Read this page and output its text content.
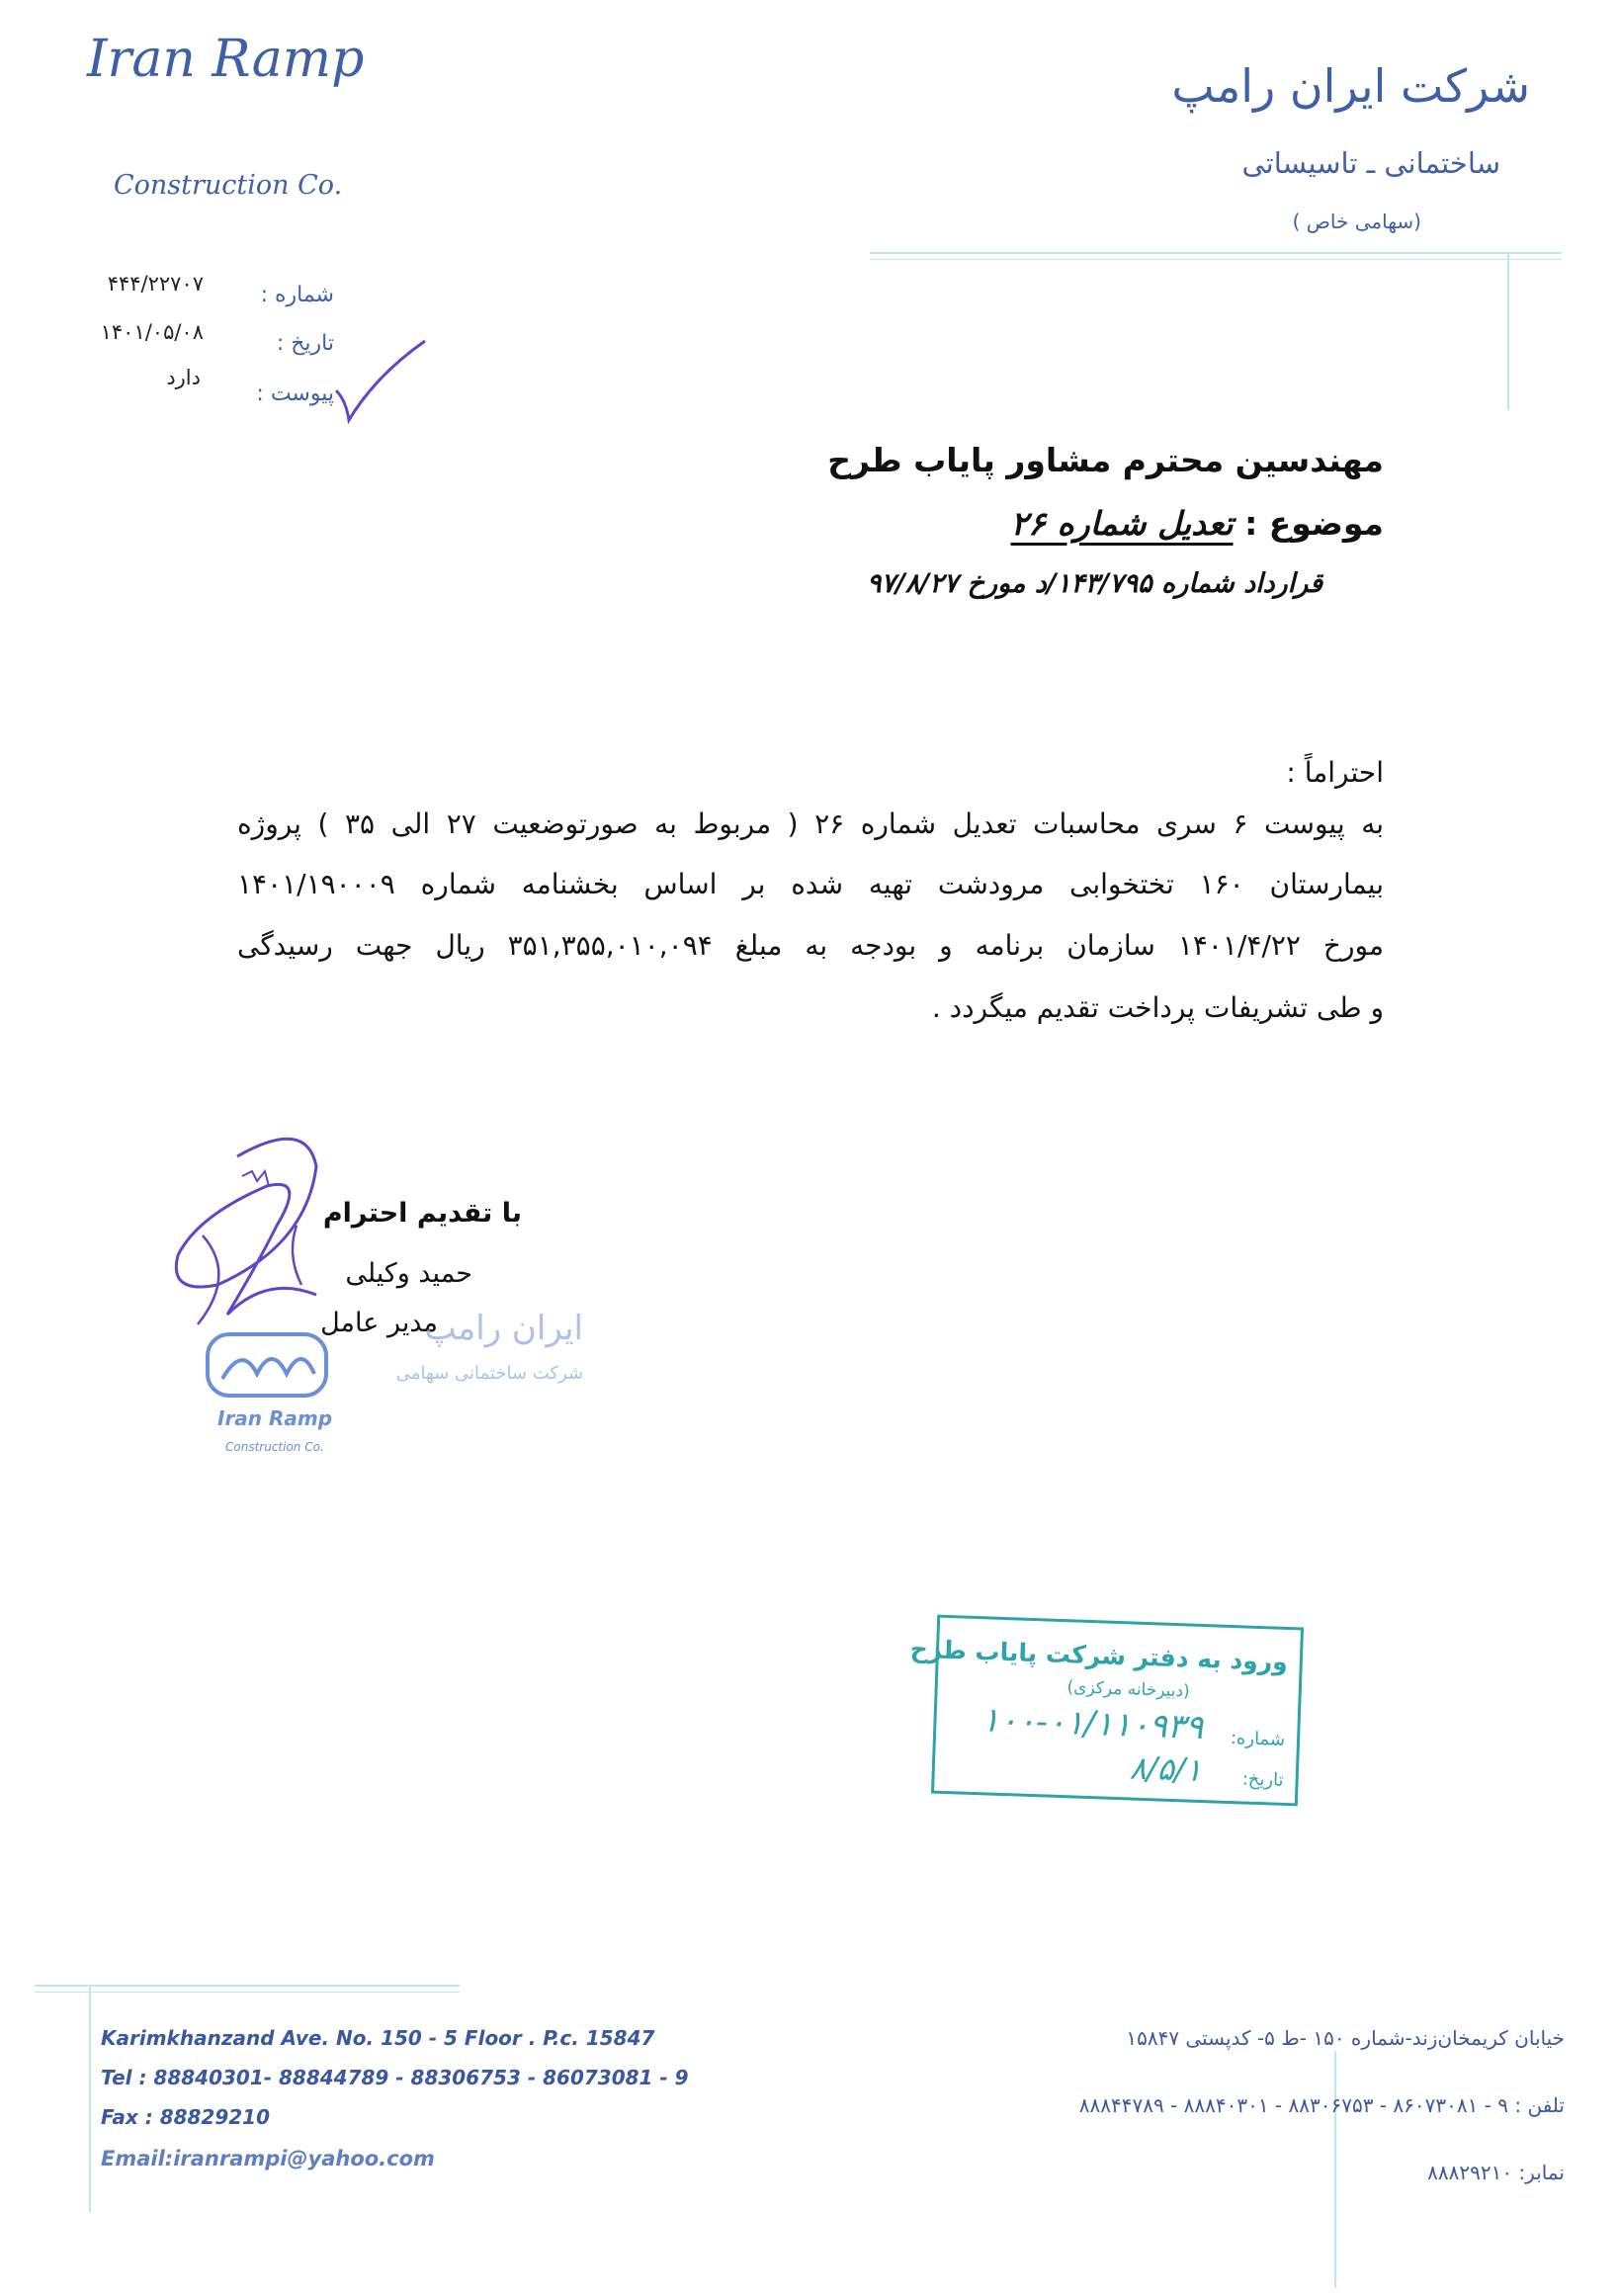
Iran Ramp
Construction Co.
شرکت ایران رامپ
ساختمانی ـ تاسیساتی
(سهامی خاص )
شماره :
تاریخ :
پیوست :
۴۴۴/۲۲۷۰۷
۱۴۰۱/۰۵/۰۸
دارد
مهندسین محترم مشاور پایاب طرح
موضوع : تعدیل شماره ۲۶
قرارداد شماره ۱۴۳/۷۹۵/د مورخ ۹۷/۸/۲۷
احتراماً :
به پیوست ۶ سری محاسبات تعدیل شماره ۲۶ ( مربوط به صورتوضعیت ۲۷ الی ۳۵ ) پروژه
بیمارستان ۱۶۰ تختخوابی مرودشت تهیه شده بر اساس بخشنامه شماره ۱۴۰۱/۱۹۰۰۰۹
مورخ ۱۴۰۱/۴/۲۲ سازمان برنامه و بودجه به مبلغ ۳۵۱,۳۵۵,۰۱۰,۰۹۴ ریال جهت رسیدگی
و طی تشریفات پرداخت تقدیم میگردد .
با تقدیم احترام
حمید وکیلی
مدیر عامل
Iran Ramp
Construction Co.
ایران رامپ
شرکت ساختمانی سهامی
ورود به دفتر شرکت پایاب طرح
(دبیرخانه مرکزی)
شماره:
۱۰۰-۰۱/۱۱۰۹۳۹
تاریخ:
۸/۵/۱
Karimkhanzand Ave. No. 150 - 5 Floor . P.c. 15847
Tel : 88840301- 88844789 - 88306753 - 86073081 - 9
Fax : 88829210
Email:iranrampi@yahoo.com
خیابان کریمخان‌زند-شماره ۱۵۰ -ط ۵- کدپستی ۱۵۸۴۷
تلفن : ۹ - ۸۶۰۷۳۰۸۱ - ۸۸۳۰۶۷۵۳ - ۸۸۸۴۰۳۰۱ - ۸۸۸۴۴۷۸۹
نمابر: ۸۸۸۲۹۲۱۰
